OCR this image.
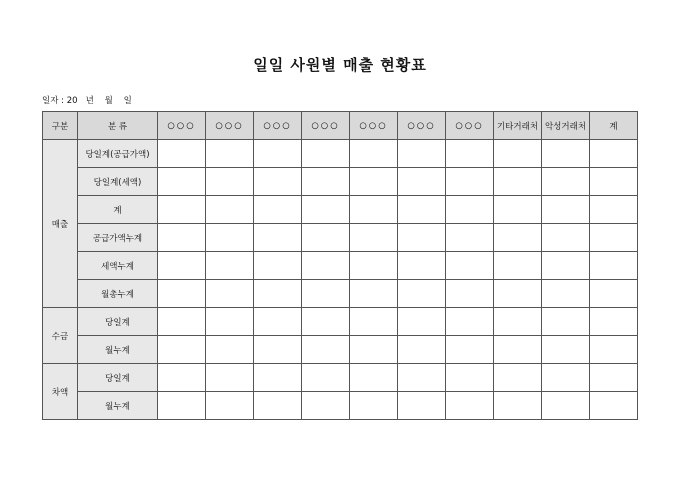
일일 사원별 매출 현황표
일자 : 20   년    월    일
구분	분 류	○○○	○○○	○○○	○○○	○○○	○○○	○○○	기타거래처	악성거래처	계
매출	당일계(공급가액)										
	당일계(세액)										
	계										
	공급가액누계										
	세액누계										
	월총누계										
수금	당일계										
	월누계										
차액	당일계										
	월누계										
